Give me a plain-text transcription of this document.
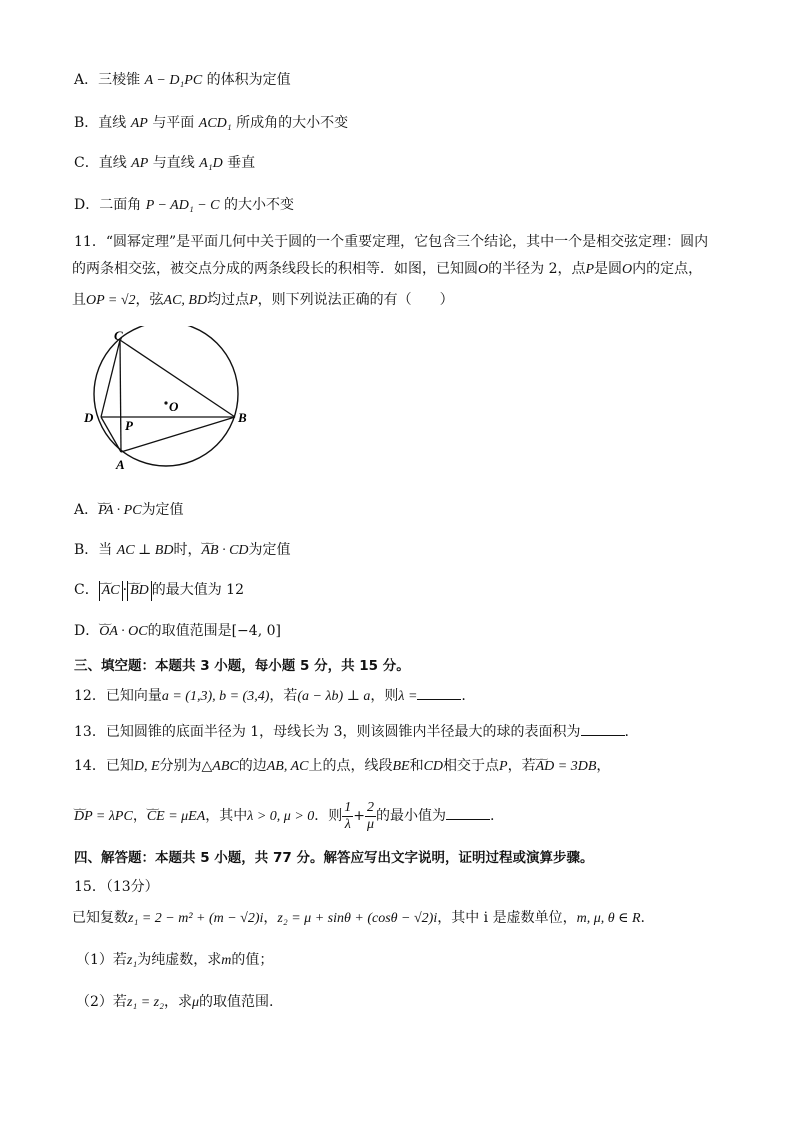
A．三棱锥 A − D₁PC 的体积为定值
B．直线 AP 与平面 ACD₁ 所成角的大小不变
C．直线 AP 与直线 A₁D 垂直
D．二面角 P − AD₁ − C 的大小不变
11．“圆幂定理”是平面几何中关于圆的一个重要定理，它包含三个结论，其中一个是相交弦定理：圆内
的两条相交弦，被交点分成的两条线段长的积相等．如图，已知圆O的半径为 2，点P是圆O内的定点，
且OP = √2，弦AC, BD均过点P，则下列说法正确的有（　　）
C
D
O
B
P
A
A．‿‿ PA · PC为定值
B．当 AC ⊥ BD时，‿‿ AB · CD为定值
C． ‿‿ AC · ‿‿ BD 的最大值为 12
D．‿‿ OA · OC的取值范围是[−4, 0]
三、填空题：本题共 3 小题，每小题 5 分，共 15 分。
12．已知向量a = (1,3), b = (3,4)，若(a − λb) ⊥ a，则λ =	.
13．已知圆锥的底面半径为 1，母线长为 3，则该圆锥内半径最大的球的表面积为	.
14．已知D, E分别为△ABC的边AB, AC上的点，线段BE和CD相交于点P，若‿‿ AD = 3DB，
‿‿ DP = λPC，‿‿ CE = μEA，其中λ > 0, μ > 0．则 $\frac{1}{\lambda} + \frac{2}{\mu}$ 的最小值为	.
四、解答题：本题共 5 小题，共 77 分。解答应写出文字说明，证明过程或演算步骤。
15．（13分）
已知复数z₁ = 2 − m² + (m − √2)i，z₂ = μ + sinθ + (cosθ − √2)i，其中 i 是虚数单位，m, μ, θ ∈ R.
（1）若z₁为纯虚数，求m的值；
（2）若z₁ = z₂，求μ的取值范围.
